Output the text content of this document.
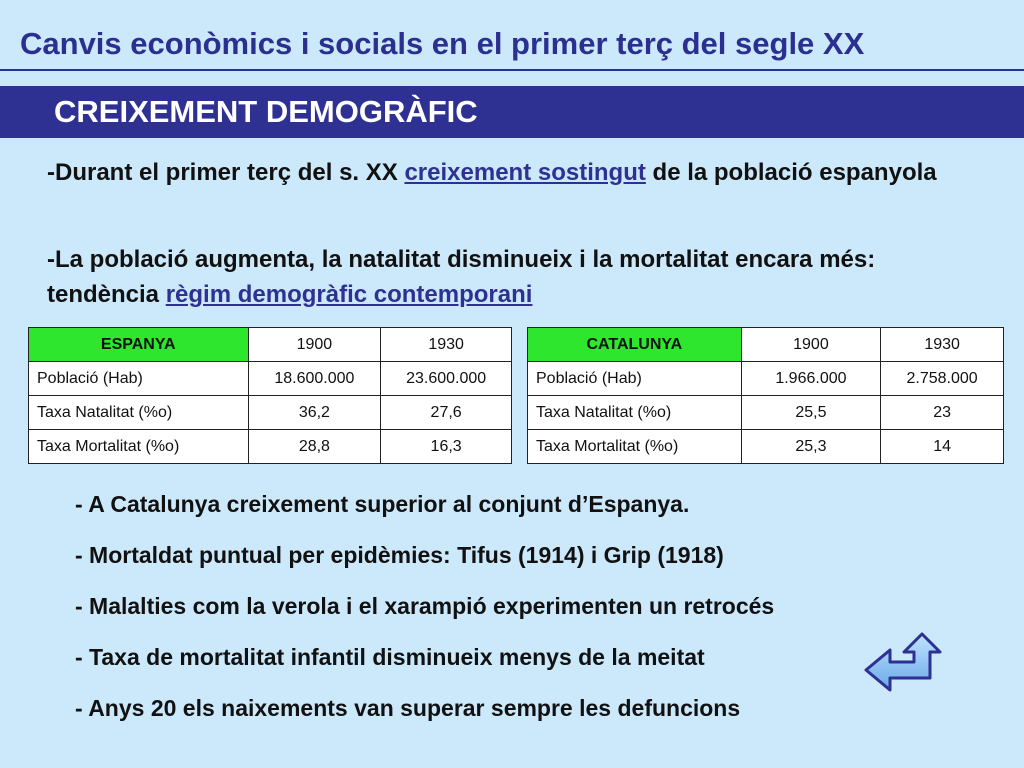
Canvis econòmics i socials en el primer terç del segle XX
CREIXEMENT DEMOGRÀFIC
-Durant el primer terç del s. XX creixement sostingut de la població espanyola
-La població augmenta, la natalitat disminueix i la mortalitat encara més: tendència règim demogràfic contemporani
ESPANYA	1900	1930
Població (Hab)	18.600.000	23.600.000
Taxa Natalitat (%o)	36,2	27,6
Taxa Mortalitat (%o)	28,8	16,3
CATALUNYA	1900	1930
Població (Hab)	1.966.000	2.758.000
Taxa Natalitat (%o)	25,5	23
Taxa Mortalitat (%o)	25,3	14
- A Catalunya creixement superior al conjunt d’Espanya.
- Mortaldat puntual per epidèmies: Tifus (1914) i Grip (1918)
- Malalties com la verola i el xarampió experimenten un retrocés
- Taxa de mortalitat infantil disminueix menys de la meitat
- Anys 20 els naixements van superar sempre les defuncions
